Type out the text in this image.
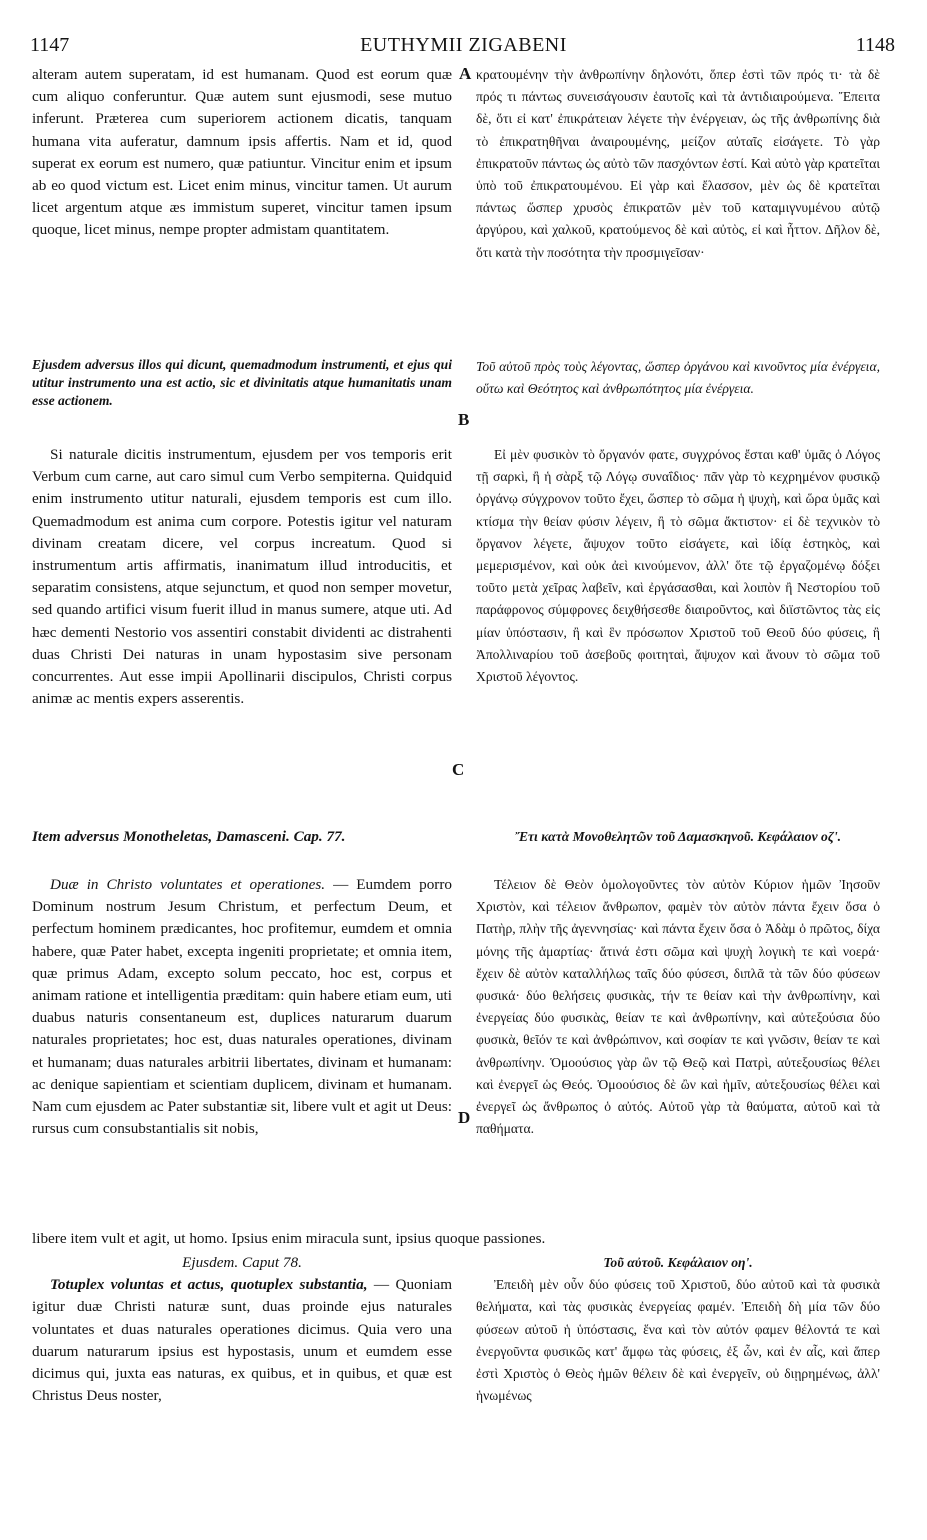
1147	EUTHYMII ZIGABENI	1148
A
B
C
D

alteram autem superatam, id est humanam. Quod est eorum quæ cum aliquo conferuntur. Quæ autem sunt ejusmodi, sese mutuo inferunt. Præterea cum superiorem actionem dicatis, tanquam humana vita auferatur, damnum ipsis affertis. Nam et id, quod superat ex eorum est numero, quæ patiuntur. Vincitur enim et ipsum ab eo quod victum est. Licet enim minus, vincitur tamen. Ut aurum licet argentum atque æs immistum superet, vincitur tamen ipsum quoque, licet minus, nempe propter admistam quantitatem.

κρατουμένην τὴν ἀνθρωπίνην δηλονότι, ὅπερ ἐστὶ τῶν πρός τι· τὰ δὲ πρός τι πάντως συνεισάγουσιν ἑαυτοῖς καὶ τὰ ἀντιδιαιρούμενα. Ἔπειτα δὲ, ὅτι εἰ κατ' ἐπικράτειαν λέγετε τὴν ἐνέργειαν, ὡς τῆς ἀνθρωπίνης διὰ τὸ ἐπικρατηθῆναι ἀναιρουμένης, μείζον αὐταῖς εἰσάγετε. Τὸ γὰρ ἐπικρατοῦν πάντως ὡς αὐτὸ τῶν πασχόντων ἐστί. Καὶ αὐτὸ γὰρ κρατεῖται ὑπὸ τοῦ ἐπικρατουμένου. Εἰ γὰρ καὶ ἔλασσον, μὲν ὡς δὲ κρατεῖται πάντως ὥσπερ χρυσὸς ἐπικρατῶν μὲν τοῦ καταμιγνυμένου αὐτῷ ἀργύρου, καὶ χαλκοῦ, κρατούμενος δὲ καὶ αὐτὸς, εἰ καὶ ἧττον. Δῆλον δὲ, ὅτι κατὰ τὴν ποσότητα τὴν προσμιγεῖσαν·

Ejusdem adversus illos qui dicunt, quemadmodum instrumenti, et ejus qui utitur instrumento una est actio, sic et divinitatis atque humanitatis unam esse actionem.

Τοῦ αὐτοῦ πρὸς τοὺς λέγοντας, ὥσπερ ὀργάνου καὶ κινοῦντος μία ἐνέργεια, οὕτω καὶ Θεότητος καὶ ἀνθρωπότητος μία ἐνέργεια.

Si naturale dicitis instrumentum, ejusdem per vos temporis erit Verbum cum carne, aut caro simul cum Verbo sempiterna. Quidquid enim instrumento utitur naturali, ejusdem temporis est cum illo. Quemadmodum est anima cum corpore. Potestis igitur vel naturam divinam creatam dicere, vel corpus increatum. Quod si instrumentum artis affirmatis, inanimatum illud introducitis, et separatim consistens, atque sejunctum, et quod non semper movetur, sed quando artifici visum fuerit illud in manus sumere, atque uti. Ad hæc dementi Nestorio vos assentiri constabit dividenti ac distrahenti duas Christi Dei naturas in unam hypostasim sive personam concurrentes. Aut esse impii Apollinarii discipulos, Christi corpus animæ ac mentis expers asserentis.

Εἰ μὲν φυσικὸν τὸ ὄργανόν φατε, συγχρόνος ἔσται καθ' ὑμᾶς ὁ Λόγος τῇ σαρκὶ, ἢ ἡ σὰρξ τῷ Λόγῳ συναΐδιος· πᾶν γὰρ τὸ κεχρημένον φυσικῷ ὀργάνῳ σύγχρονον τοῦτο ἔχει, ὥσπερ τὸ σῶμα ἡ ψυχὴ, καὶ ὥρα ὑμᾶς καὶ κτίσμα τὴν θείαν φύσιν λέγειν, ἢ τὸ σῶμα ἄκτιστον· εἰ δὲ τεχνικὸν τὸ ὄργανον λέγετε, ἄψυχον τοῦτο εἰσάγετε, καὶ ἰδίᾳ ἑστηκὸς, καὶ μεμερισμένον, καὶ οὐκ ἀεὶ κινούμενον, ἀλλ' ὅτε τῷ ἐργαζομένῳ δόξει τοῦτο μετὰ χεῖρας λαβεῖν, καὶ ἐργάσασθαι, καὶ λοιπὸν ἢ Νεστορίου τοῦ παράφρονος σύμφρονες δειχθήσεσθε διαιροῦντος, καὶ διϊστῶντος τὰς εἰς μίαν ὑπόστασιν, ἢ καὶ ἓν πρόσωπον Χριστοῦ τοῦ Θεοῦ δύο φύσεις, ἢ Ἀπολλιναρίου τοῦ ἀσεβοῦς φοιτηταὶ, ἄψυχον καὶ ἄνουν τὸ σῶμα τοῦ Χριστοῦ λέγοντος.

Item adversus Monotheletas, Damasceni. Cap. 77.	Ἔτι κατὰ Μονοθελητῶν τοῦ Δαμασκηνοῦ. Κεφάλαιον οζ'.

Duæ in Christo voluntates et operationes. — Eumdem porro Dominum nostrum Jesum Christum, et perfectum Deum, et perfectum hominem prædicantes, hoc profitemur, eumdem et omnia habere, quæ Pater habet, excepta ingeniti proprietate; et omnia item, quæ primus Adam, excepto solum peccato, hoc est, corpus et animam ratione et intelligentia præditam: quin habere etiam eum, uti duabus naturis consentaneum est, duplices naturarum duarum naturales proprietates; hoc est, duas naturales operationes, divinam et humanam; duas naturales arbitrii libertates, divinam et humanam: ac denique sapientiam et scientiam duplicem, divinam et humanam. Nam cum ejusdem ac Pater substantiæ sit, libere vult et agit ut Deus: rursus cum consubstantialis sit nobis,

Τέλειον δὲ Θεὸν ὁμολογοῦντες τὸν αὐτὸν Κύριον ἡμῶν Ἰησοῦν Χριστὸν, καὶ τέλειον ἄνθρωπον, φαμὲν τὸν αὐτὸν πάντα ἔχειν ὅσα ὁ Πατὴρ, πλὴν τῆς ἀγεννησίας· καὶ πάντα ἔχειν ὅσα ὁ Ἀδὰμ ὁ πρῶτος, δίχα μόνης τῆς ἁμαρτίας· ἅτινά ἐστι σῶμα καὶ ψυχὴ λογικὴ τε καὶ νοερά· ἔχειν δὲ αὐτὸν καταλλήλως ταῖς δύο φύσεσι, διπλᾶ τὰ τῶν δύο φύσεων φυσικά· δύο θελήσεις φυσικὰς, τήν τε θείαν καὶ τὴν ἀνθρωπίνην, καὶ ἐνεργείας δύο φυσικὰς, θείαν τε καὶ ἀνθρωπίνην, καὶ αὐτεξούσια δύο φυσικὰ, θεῖόν τε καὶ ἀνθρώπινον, καὶ σοφίαν τε καὶ γνῶσιν, θείαν τε καὶ ἀνθρωπίνην. Ὁμοούσιος γὰρ ὢν τῷ Θεῷ καὶ Πατρὶ, αὐτεξουσίως θέλει καὶ ἐνεργεῖ ὡς Θεός. Ὁμοούσιος δὲ ὢν καὶ ἡμῖν, αὐτεξουσίως θέλει καὶ ἐνεργεῖ ὡς ἄνθρωπος ὁ αὐτός. Αὐτοῦ γὰρ τὰ θαύματα, αὐτοῦ καὶ τὰ παθήματα.

libere item vult et agit, ut homo. Ipsius enim miracula sunt, ipsius quoque passiones.

Ejusdem. Caput 78.

Totuplex voluntas et actus, quotuplex substantia, — Quoniam igitur duæ Christi naturæ sunt, duas proinde ejus naturales voluntates et duas naturales operationes dicimus. Quia vero una duarum naturarum ipsius est hypostasis, unum et eumdem esse dicimus qui, juxta eas naturas, ex quibus, et in quibus, et quæ est Christus Deus noster,

Τοῦ αὐτοῦ. Κεφάλαιον οη'.

Ἐπειδὴ μὲν οὖν δύο φύσεις τοῦ Χριστοῦ, δύο αὐτοῦ καὶ τὰ φυσικὰ θελήματα, καὶ τὰς φυσικὰς ἐνεργείας φαμέν. Ἐπειδὴ δὴ μία τῶν δύο φύσεων αὐτοῦ ἡ ὑπόστασις, ἕνα καὶ τὸν αὐτόν φαμεν θέλοντά τε καὶ ἐνεργοῦντα φυσικῶς κατ' ἄμφω τὰς φύσεις, ἐξ ὧν, καὶ ἐν αἷς, καὶ ἅπερ ἐστὶ Χριστὸς ὁ Θεὸς ἡμῶν θέλειν δὲ καὶ ἐνεργεῖν, οὐ διῃρημένως, ἀλλ' ἡνωμένως
